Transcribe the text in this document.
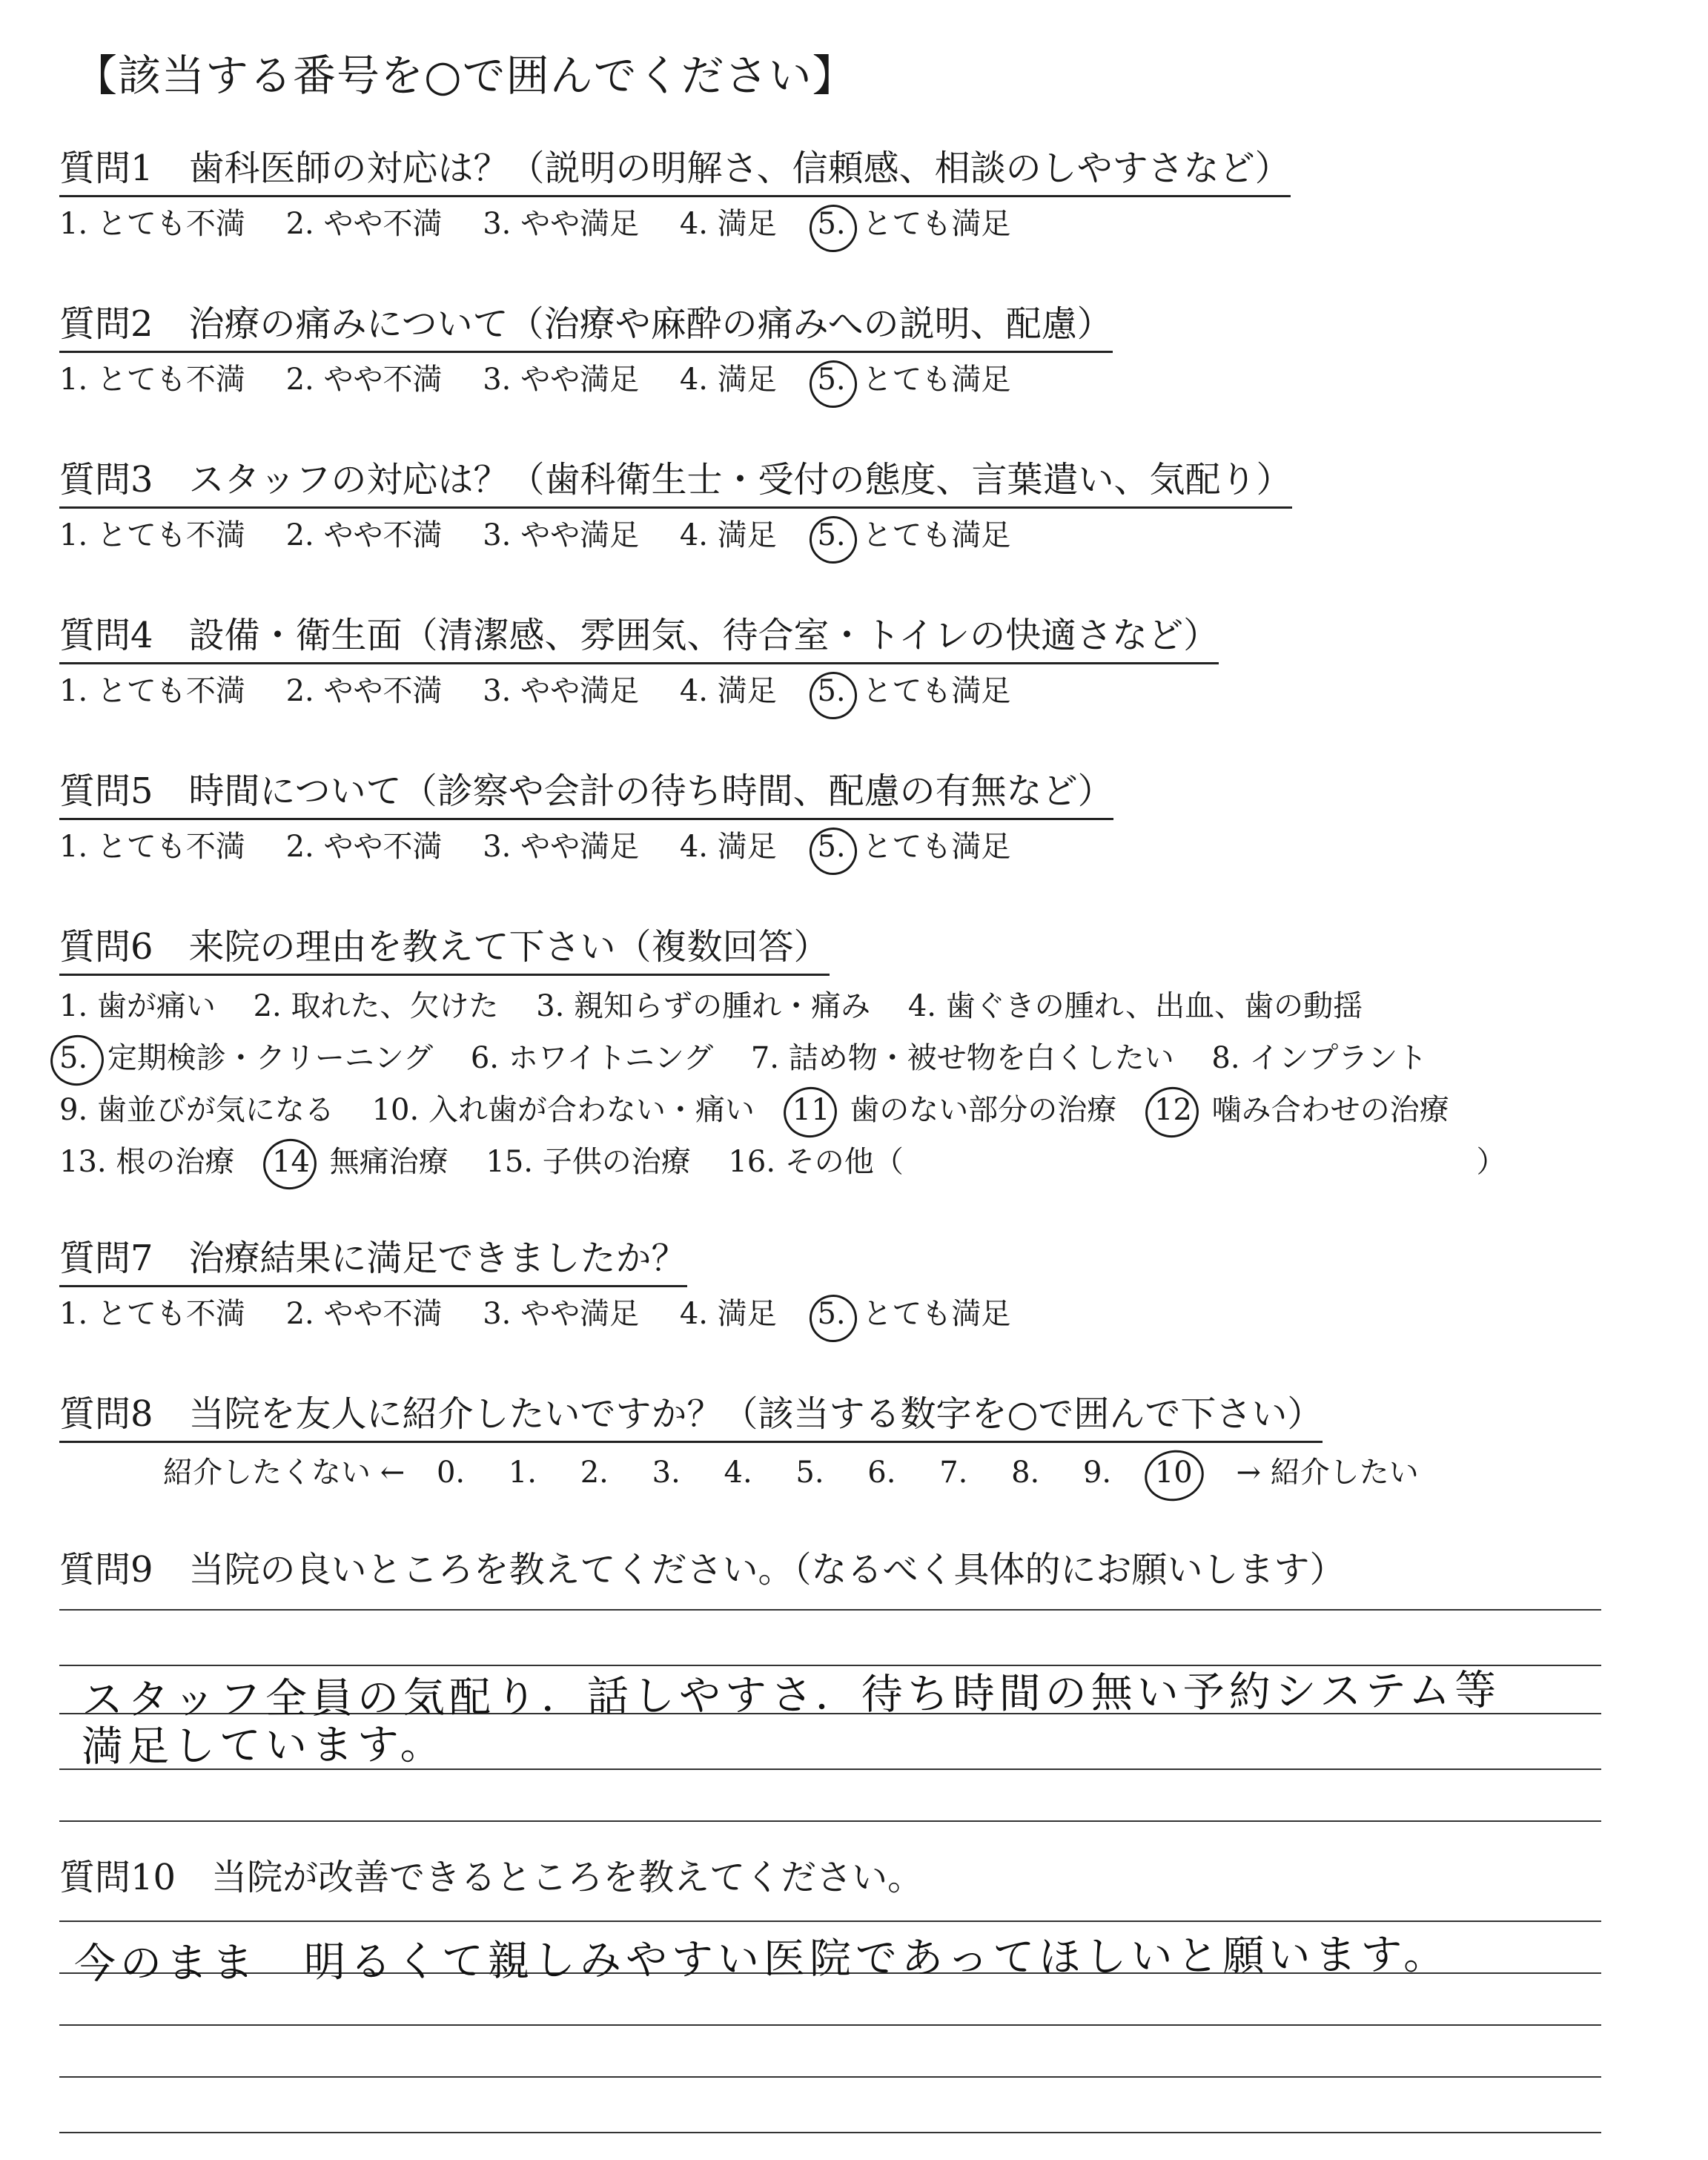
【該当する番号を○で囲んでください】
質問1　歯科医師の対応は？（説明の明解さ、信頼感、相談のしやすさなど）
1. とても不満 2. やや不満 3. やや満足 4. 満足 5. とても満足
質問2　治療の痛みについて（治療や麻酔の痛みへの説明、配慮）
1. とても不満 2. やや不満 3. やや満足 4. 満足 5. とても満足
質問3　スタッフの対応は？（歯科衛生士・受付の態度、言葉遣い、気配り）
1. とても不満 2. やや不満 3. やや満足 4. 満足 5. とても満足
質問4　設備・衛生面（清潔感、雰囲気、待合室・トイレの快適さなど）
1. とても不満 2. やや不満 3. やや満足 4. 満足 5. とても満足
質問5　時間について（診察や会計の待ち時間、配慮の有無など）
1. とても不満 2. やや不満 3. やや満足 4. 満足 5. とても満足
質問6　来院の理由を教えて下さい（複数回答）
1. 歯が痛い 2. 取れた、欠けた 3. 親知らずの腫れ・痛み 4. 歯ぐきの腫れ、出血、歯の動揺
5. 定期検診・クリーニング 6. ホワイトニング 7. 詰め物・被せ物を白くしたい 8. インプラント
9. 歯並びが気になる 10. 入れ歯が合わない・痛い 11 歯のない部分の治療 12 噛み合わせの治療
13. 根の治療 14 無痛治療 15. 子供の治療 16. その他（	）
質問7　治療結果に満足できましたか？
1. とても不満 2. やや不満 3. やや満足 4. 満足 5. とても満足
質問8　当院を友人に紹介したいですか？（該当する数字を○で囲んで下さい）
紹介したくない ← 0. 1. 2. 3. 4. 5. 6. 7. 8. 9. 10 → 紹介したい
質問9　当院の良いところを教えてください。（なるべく具体的にお願いします）
スタッフ全員の気配り．話しやすさ．待ち時間の無い予約システム等
満足しています。
質問10　当院が改善できるところを教えてください。
今のまま　明るくて親しみやすい医院であってほしいと願います。
